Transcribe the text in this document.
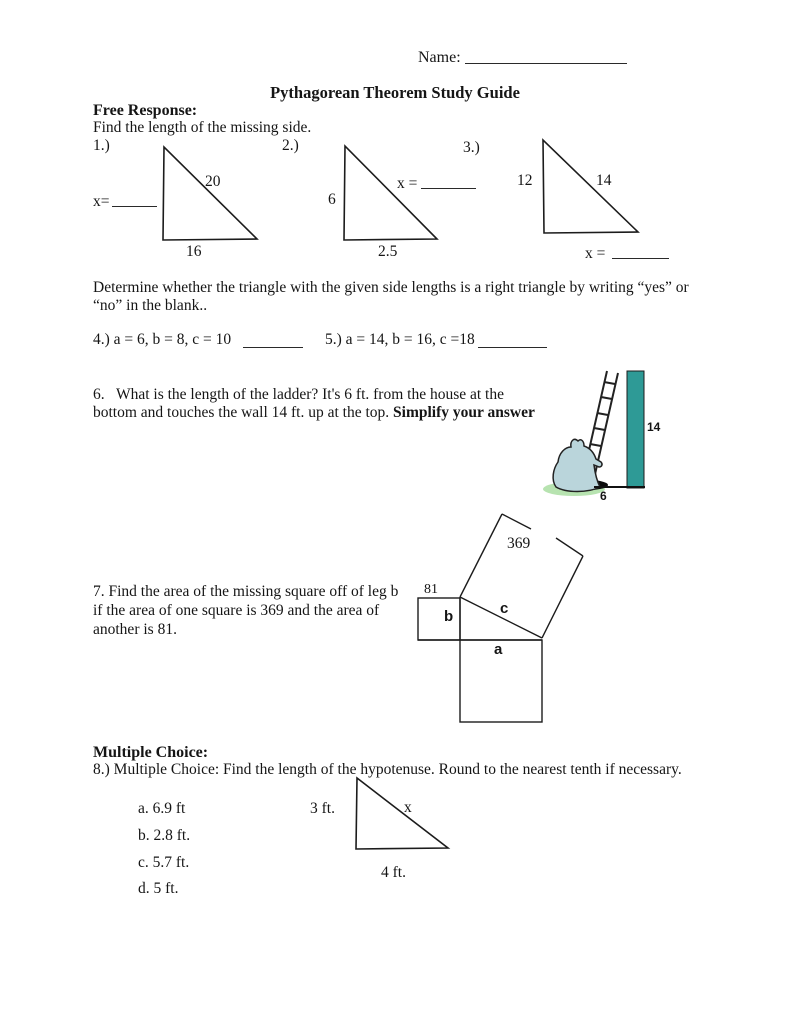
Name:
Pythagorean Theorem Study Guide
Free Response:
Find the length of the missing side.
1.)	2.)	3.)
20
16
x=	6
2.5
x =	12	14
x =
Determine whether the triangle with the given side lengths is a right triangle by writing “yes” or
“no” in the blank..
4.) a = 6, b = 8, c = 10	5.) a = 14, b = 16, c =18
6.   What is the length of the ladder? It's 6 ft. from the house at the
bottom and touches the wall 14 ft. up at the top. Simplify your answer
14
6
7. Find the area of the missing square off of leg b
if the area of one square is 369 and the area of
another is 81.
369
81
b	c
a
Multiple Choice:
8.) Multiple Choice: Find the length of the hypotenuse. Round to the nearest tenth if necessary.
a. 6.9 ft
b. 2.8 ft.
c. 5.7 ft.
d. 5 ft.
3 ft.	x
4 ft.
